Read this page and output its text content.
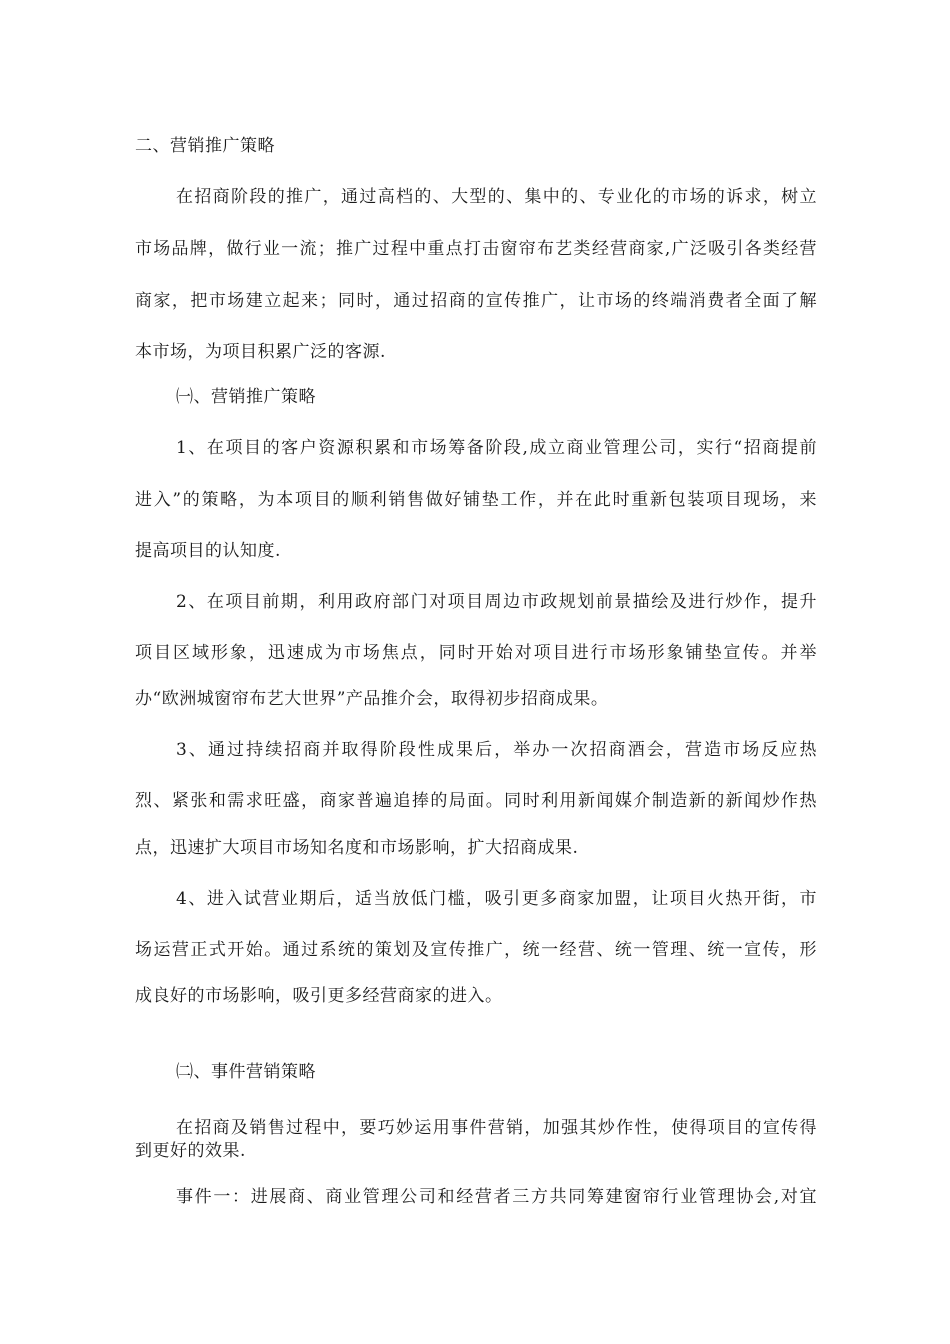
二、营销推广策略
在招商阶段的推广，通过高档的、大型的、集中的、专业化的市场的诉求，树立
市场品牌，做行业一流；推广过程中重点打击窗帘布艺类经营商家,广泛吸引各类经营
商家，把市场建立起来；同时，通过招商的宣传推广，让市场的终端消费者全面了解
本市场，为项目积累广泛的客源.
㈠、营销推广策略
1、在项目的客户资源积累和市场筹备阶段,成立商业管理公司，实行“招商提前
进入”的策略，为本项目的顺利销售做好铺垫工作，并在此时重新包装项目现场，来
提高项目的认知度.
2、在项目前期，利用政府部门对项目周边市政规划前景描绘及进行炒作，提升
项目区域形象，迅速成为市场焦点，同时开始对项目进行市场形象铺垫宣传。并举
办“欧洲城窗帘布艺大世界”产品推介会，取得初步招商成果。
3、通过持续招商并取得阶段性成果后，举办一次招商酒会，营造市场反应热
烈、紧张和需求旺盛，商家普遍追捧的局面。同时利用新闻媒介制造新的新闻炒作热
点，迅速扩大项目市场知名度和市场影响，扩大招商成果.
4、进入试营业期后，适当放低门槛，吸引更多商家加盟，让项目火热开街，市
场运营正式开始。通过系统的策划及宣传推广，统一经营、统一管理、统一宣传，形
成良好的市场影响，吸引更多经营商家的进入。
㈡、事件营销策略
在招商及销售过程中，要巧妙运用事件营销，加强其炒作性，使得项目的宣传得
到更好的效果.
事件一：进展商、商业管理公司和经营者三方共同筹建窗帘行业管理协会,对宜
